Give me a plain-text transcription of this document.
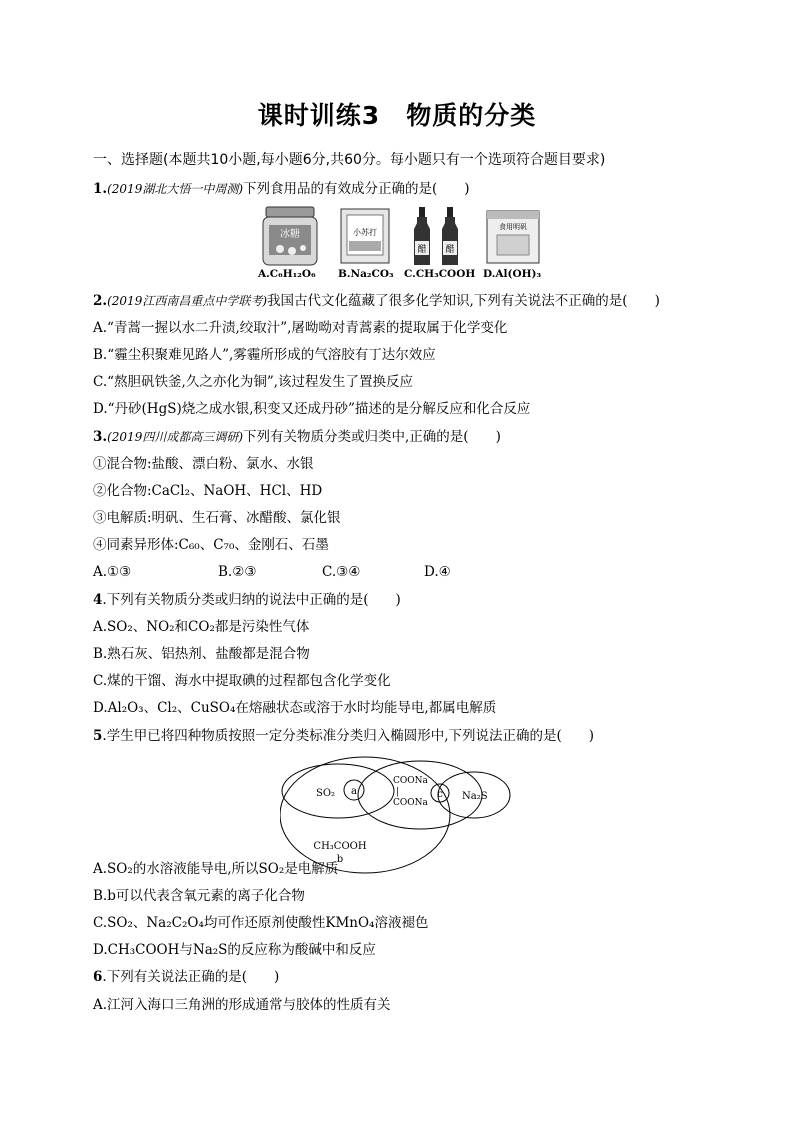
课时训练3　物质的分类
一、选择题(本题共10小题,每小题6分,共60分。每小题只有一个选项符合题目要求)
1.(2019湖北大悟一中周测)下列食用品的有效成分正确的是(　　)
冰糖	小苏打
醋 醋
食用明矾
A.C₆H₁₂O₆ B.Na₂CO₃ C.CH₃COOH D.Al(OH)₃
2.(2019江西南昌重点中学联考)我国古代文化蕴藏了很多化学知识,下列有关说法不正确的是(　　)
A.“青蒿一握以水二升渍,绞取汁”,屠呦呦对青蒿素的提取属于化学变化
B.“霾尘积聚难见路人”,雾霾所形成的气溶胶有丁达尔效应
C.“熬胆矾铁釜,久之亦化为铜”,该过程发生了置换反应
D.“丹砂(HgS)烧之成水银,积变又还成丹砂”描述的是分解反应和化合反应
3.(2019四川成都高三调研)下列有关物质分类或归类中,正确的是(　　)
①混合物:盐酸、漂白粉、氯水、水银
②化合物:CaCl₂、NaOH、HCl、HD
③电解质:明矾、生石膏、冰醋酸、氯化银
④同素异形体:C₆₀、C₇₀、金刚石、石墨
A.①③	B.②③	C.③④	D.④
4.下列有关物质分类或归纳的说法中正确的是(　　)
A.SO₂、NO₂和CO₂都是污染性气体
B.熟石灰、铝热剂、盐酸都是混合物
C.煤的干馏、海水中提取碘的过程都包含化学变化
D.Al₂O₃、Cl₂、CuSO₄在熔融状态或溶于水时均能导电,都属电解质
5.学生甲已将四种物质按照一定分类标准分类归入椭圆形中,下列说法正确的是(　　)
SO₂ a
COONa
|
COONa
c Na₂S
CH₃COOH
b
A.SO₂的水溶液能导电,所以SO₂是电解质
B.b可以代表含氧元素的离子化合物
C.SO₂、Na₂C₂O₄均可作还原剂使酸性KMnO₄溶液褪色
D.CH₃COOH与Na₂S的反应称为酸碱中和反应
6.下列有关说法正确的是(　　)
A.江河入海口三角洲的形成通常与胶体的性质有关
